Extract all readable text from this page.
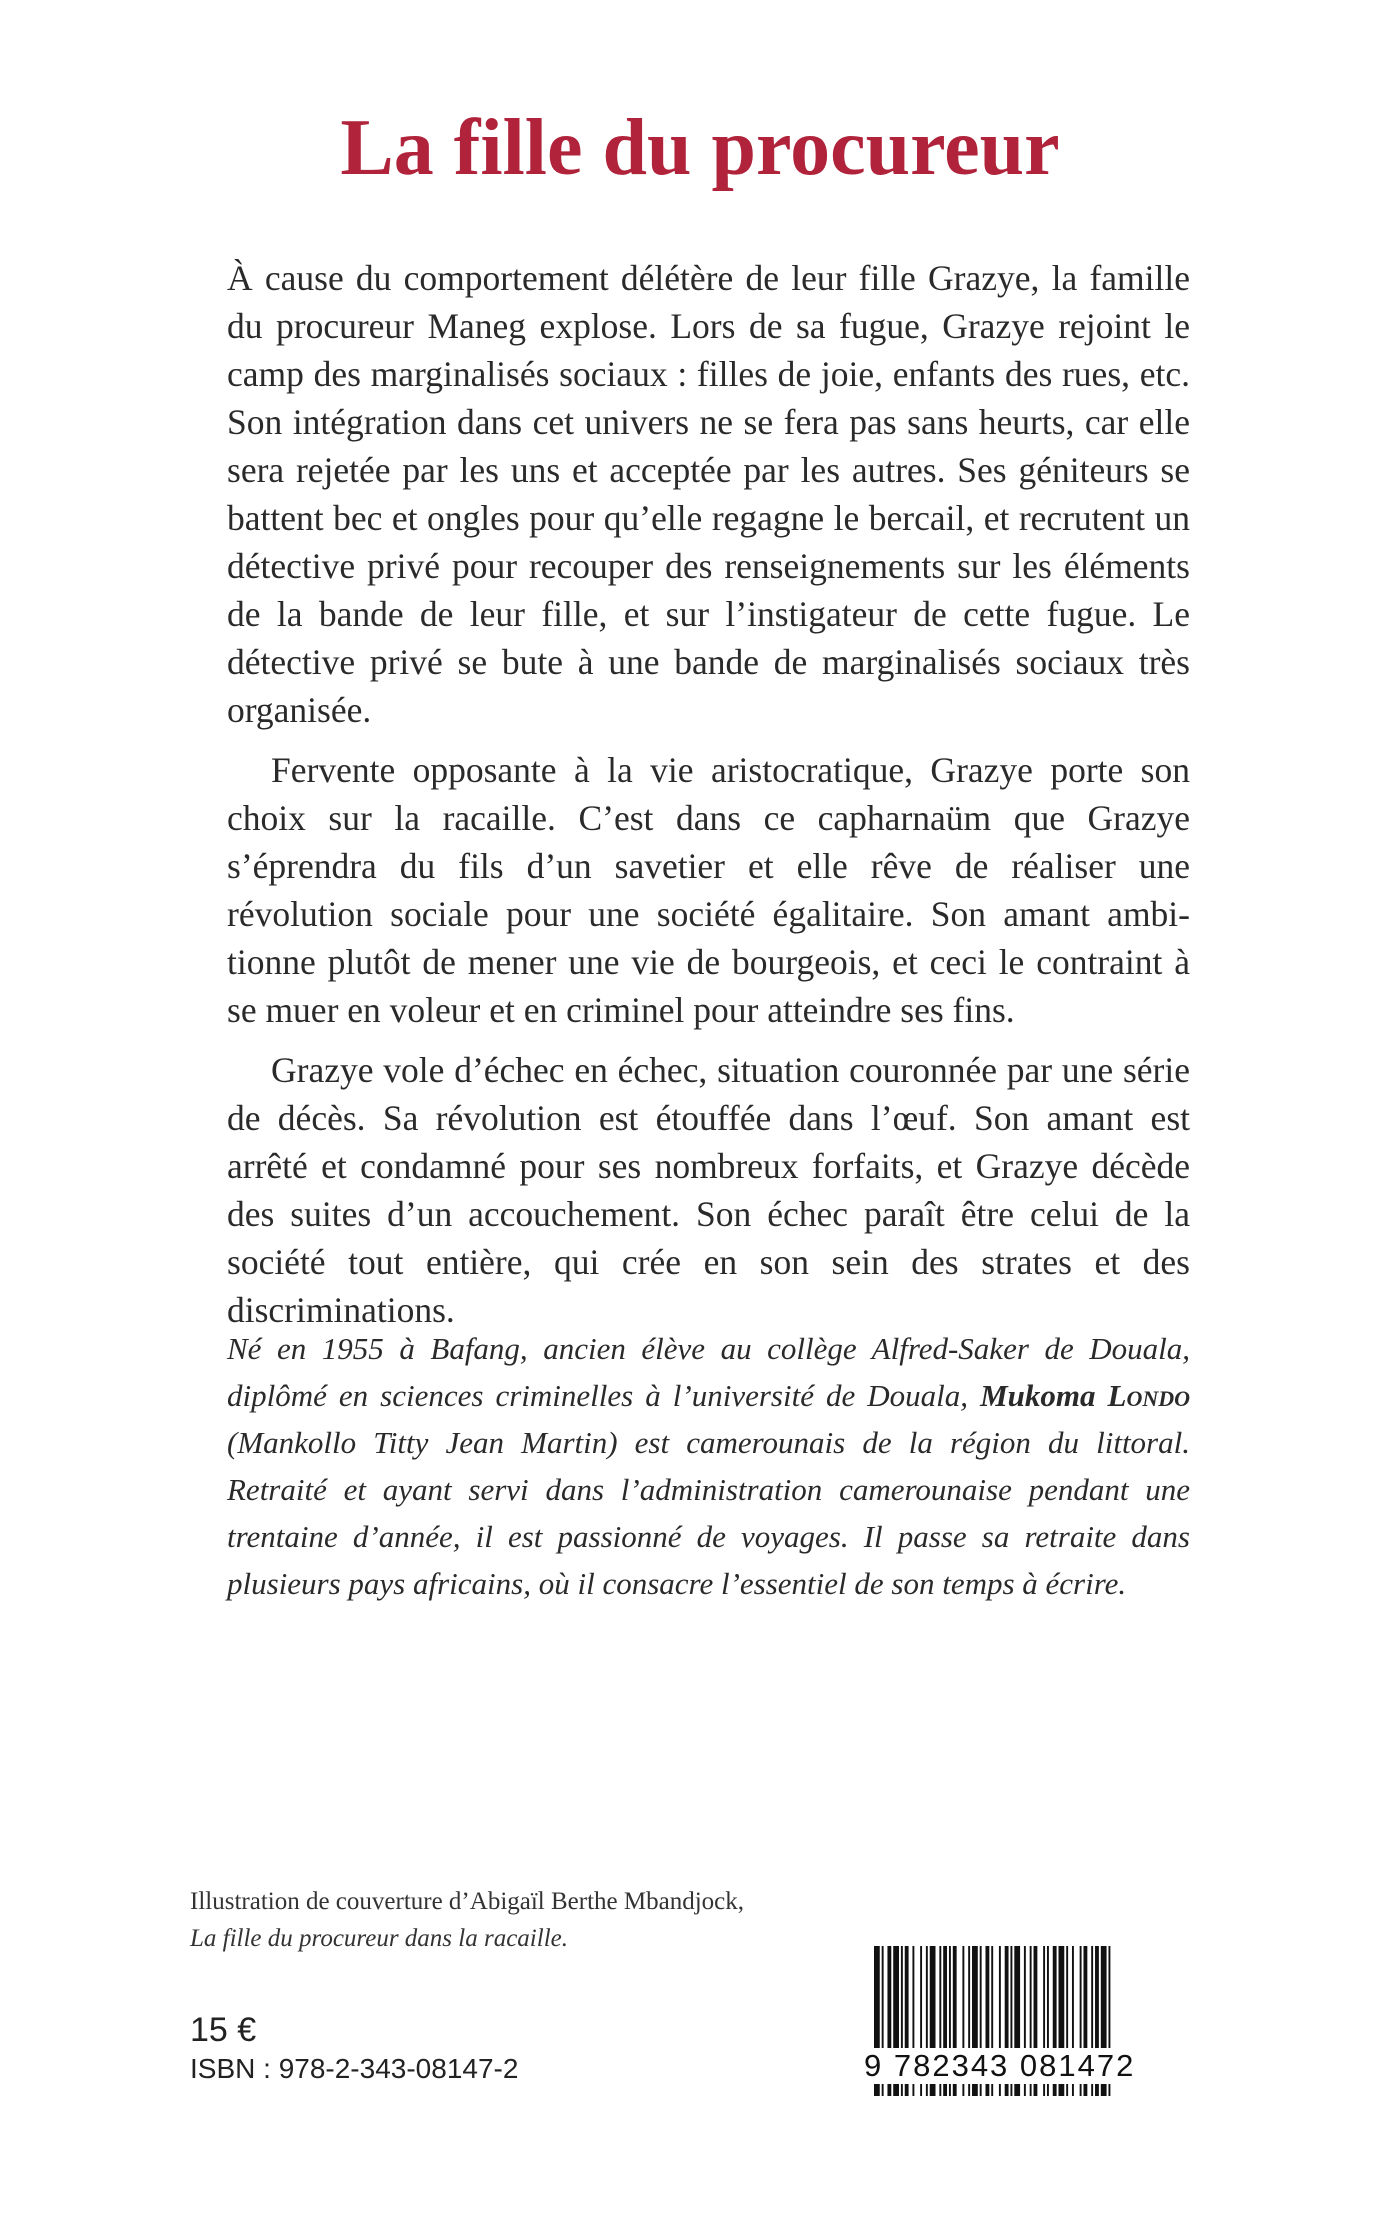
La fille du procureur

À cause du comportement délétère de leur fille Grazye, la famille du procureur Maneg explose. Lors de sa fugue, Grazye rejoint le camp des marginalisés sociaux : filles de joie, enfants des rues, etc. Son intégration dans cet univers ne se fera pas sans heurts, car elle sera rejetée par les uns et acceptée par les autres. Ses géniteurs se battent bec et ongles pour qu’elle regagne le bercail, et recrutent un détective privé pour recouper des renseignements sur les éléments de la bande de leur fille, et sur l’instigateur de cette fugue. Le détective privé se bute à une bande de marginalisés sociaux très organisée.

Fervente opposante à la vie aristocratique, Grazye porte son choix sur la racaille. C’est dans ce capharnaüm que Grazye s’éprendra du fils d’un savetier et elle rêve de réaliser une révolution sociale pour une société égalitaire. Son amant ambitionne plutôt de mener une vie de bourgeois, et ceci le contraint à se muer en voleur et en criminel pour atteindre ses fins.

Grazye vole d’échec en échec, situation couronnée par une série de décès. Sa révolution est étouffée dans l’œuf. Son amant est arrêté et condamné pour ses nombreux forfaits, et Grazye décède des suites d’un accouchement. Son échec paraît être celui de la société tout entière, qui crée en son sein des strates et des discriminations.

Né en 1955 à Bafang, ancien élève au collège Alfred-Saker de Douala, diplômé en sciences criminelles à l’université de Douala, Mukoma Londo (Mankollo Titty Jean Martin) est camerounais de la région du littoral. Retraité et ayant servi dans l’administration camerounaise pendant une trentaine d’année, il est passionné de voyages. Il passe sa retraite dans plusieurs pays africains, où il consacre l’essentiel de son temps à écrire.

Illustration de couverture d’Abigaïl Berthe Mbandjock,
La fille du procureur dans la racaille.
15 €
ISBN : 978-2-343-08147-2	9 782343 081472
